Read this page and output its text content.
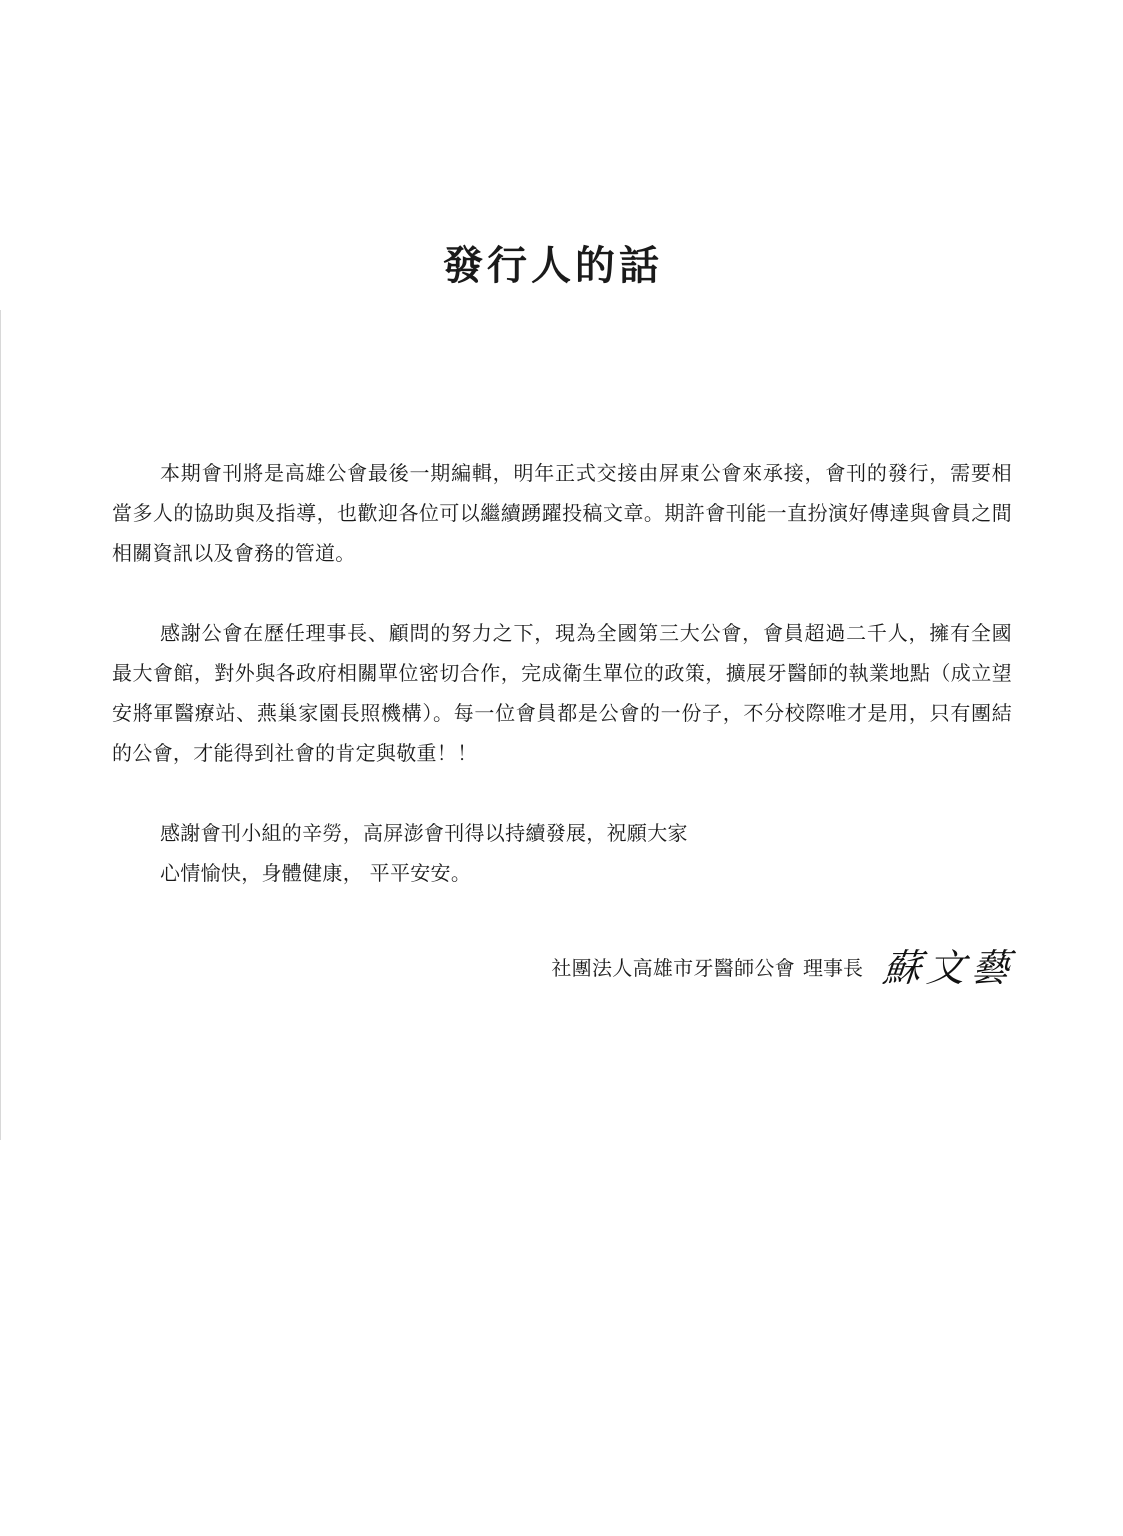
發行人的話

本期會刊將是高雄公會最後一期編輯，明年正式交接由屏東公會來承接，會刊的發行，需要相當多人的協助與及指導，也歡迎各位可以繼續踴躍投稿文章。期許會刊能一直扮演好傳達與會員之間相關資訊以及會務的管道。

感謝公會在歷任理事長、顧問的努力之下，現為全國第三大公會，會員超過二千人，擁有全國最大會館，對外與各政府相關單位密切合作，完成衛生單位的政策，擴展牙醫師的執業地點（成立望安將軍醫療站、燕巢家園長照機構）。每一位會員都是公會的一份子，不分校際唯才是用，只有團結的公會，才能得到社會的肯定與敬重！！

感謝會刊小組的辛勞，高屏澎會刊得以持續發展，祝願大家
心情愉快，身體健康， 平平安安。

社團法人高雄市牙醫師公會 理事長 蘇文藝
